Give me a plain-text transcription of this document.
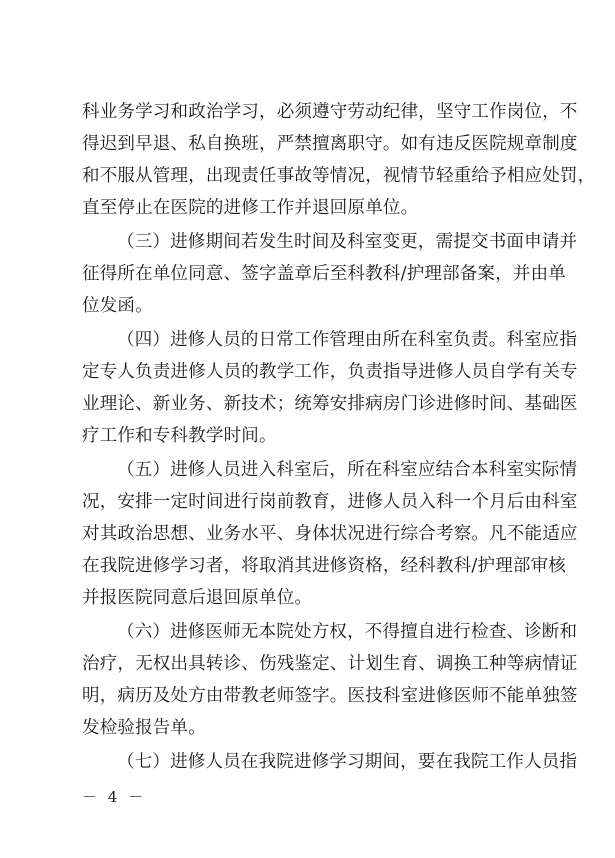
科业务学习和政治学习，必须遵守劳动纪律，坚守工作岗位，不
得迟到早退、私自换班，严禁擅离职守。如有违反医院规章制度
和不服从管理，出现责任事故等情况，视情节轻重给予相应处罚，
直至停止在医院的进修工作并退回原单位。
（三）进修期间若发生时间及科室变更，需提交书面申请并
征得所在单位同意、签字盖章后至科教科/护理部备案，并由单
位发函。
（四）进修人员的日常工作管理由所在科室负责。科室应指
定专人负责进修人员的教学工作，负责指导进修人员自学有关专
业理论、新业务、新技术；统筹安排病房门诊进修时间、基础医
疗工作和专科教学时间。
（五）进修人员进入科室后，所在科室应结合本科室实际情
况，安排一定时间进行岗前教育，进修人员入科一个月后由科室
对其政治思想、业务水平、身体状况进行综合考察。凡不能适应
在我院进修学习者，将取消其进修资格，经科教科/护理部审核
并报医院同意后退回原单位。
（六）进修医师无本院处方权，不得擅自进行检查、诊断和
治疗，无权出具转诊、伤残鉴定、计划生育、调换工种等病情证
明，病历及处方由带教老师签字。医技科室进修医师不能单独签
发检验报告单。
（七）进修人员在我院进修学习期间，要在我院工作人员指
－ 4 －
